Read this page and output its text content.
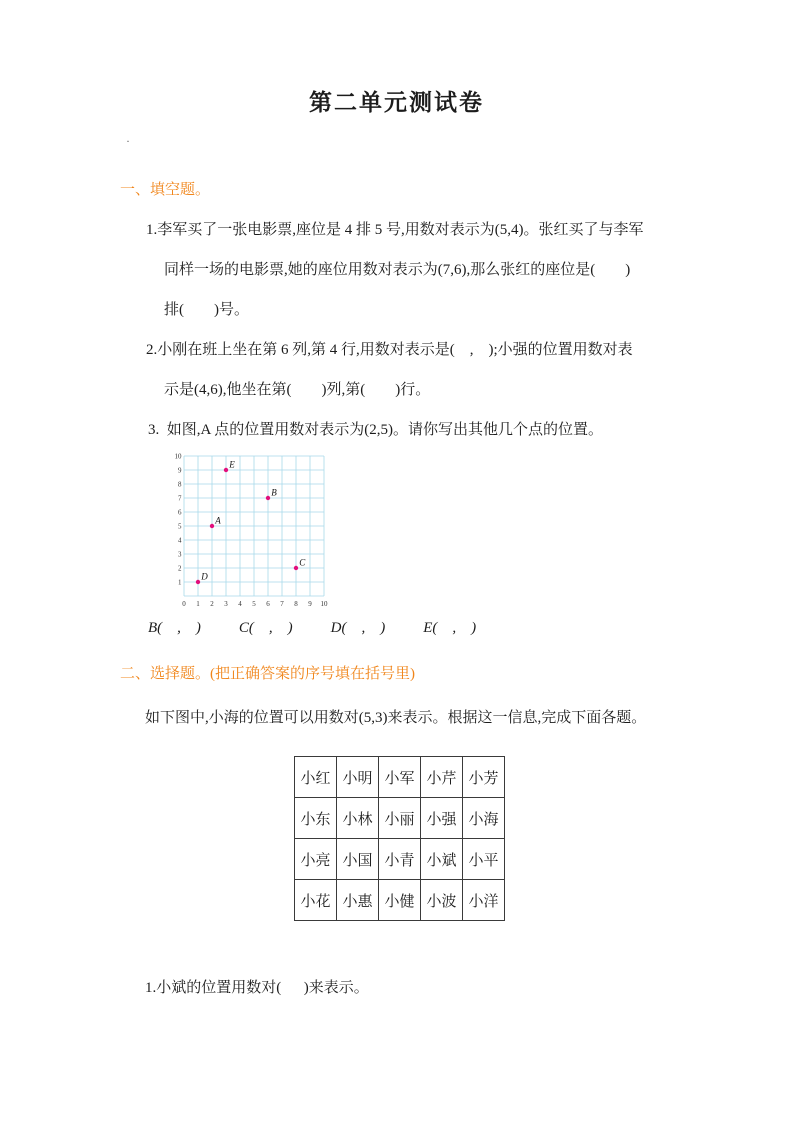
第二单元测试卷
·
一、填空题。
1.李军买了一张电影票,座位是 4 排 5 号,用数对表示为(5,4)。张红买了与李军
同样一场的电影票,她的座位用数对表示为(7,6),那么张红的座位是(        )
排(        )号。
2.小刚在班上坐在第 6 列,第 4 行,用数对表示是(    ,    );小强的位置用数对表
示是(4,6),他坐在第(        )列,第(        )行。
3.  如图,A 点的位置用数对表示为(2,5)。请你写出其他几个点的位置。
1
2
3
4
5
6
7
8
9
10
0 1 2 3 4 5 6 7 8 9 10
A
B
C
D
E
B(    ,    )	C(    ,    )	D(    ,    )	E(    ,    )
二、选择题。(把正确答案的序号填在括号里)
如下图中,小海的位置可以用数对(5,3)来表示。根据这一信息,完成下面各题。
小红	小明	小军	小芹	小芳
小东	小林	小丽	小强	小海
小亮	小国	小青	小斌	小平
小花	小惠	小健	小波	小洋
1.小斌的位置用数对(      )来表示。
